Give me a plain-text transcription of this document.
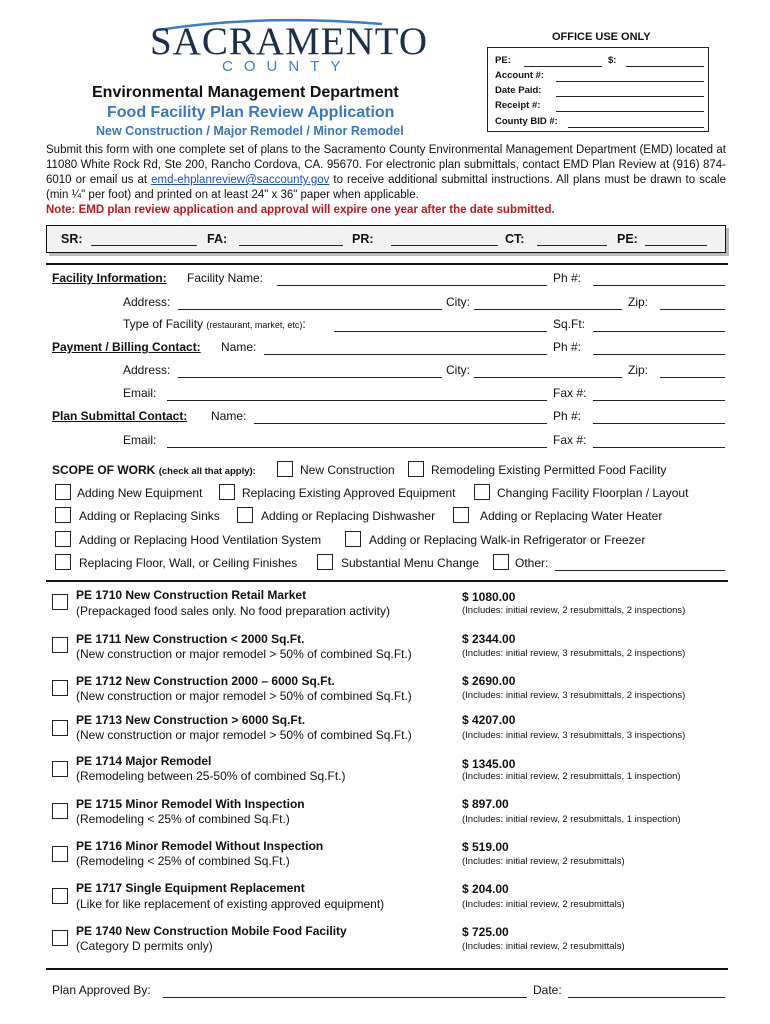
SACRAMENTO
COUNTY
Environmental Management Department
Food Facility Plan Review Application
New Construction / Major Remodel / Minor Remodel
OFFICE USE ONLY
PE:	$:
Account #:
Date Paid:
Receipt #:
County BID #:
Submit this form with one complete set of plans to the Sacramento County Environmental Management Department (EMD) located at 11080 White Rock Rd, Ste 200, Rancho Cordova, CA. 95670. For electronic plan submittals, contact EMD Plan Review at (916) 874-6010 or email us at emd-ehplanreview@saccounty.gov to receive additional submittal instructions. All plans must be drawn to scale (min ¼" per foot) and printed on at least 24" x 36" paper when applicable.
Note: EMD plan review application and approval will expire one year after the date submitted.
SR:	FA:	PR:	CT:	PE:
Facility Information: Facility Name:	Ph #:
Address:	City:	Zip:
Type of Facility (restaurant, market, etc):	Sq.Ft:
Payment / Billing Contact: Name:	Ph #:
Address:	City:	Zip:
Email:	Fax #:
Plan Submittal Contact: Name:	Ph #:
Email:	Fax #:
SCOPE OF WORK (check all that apply):	New Construction	Remodeling Existing Permitted Food Facility
Adding New Equipment	Replacing Existing Approved Equipment	Changing Facility Floorplan / Layout
Adding or Replacing Sinks	Adding or Replacing Dishwasher	Adding or Replacing Water Heater
Adding or Replacing Hood Ventilation System	Adding or Replacing Walk-in Refrigerator or Freezer
Replacing Floor, Wall, or Ceiling Finishes	Substantial Menu Change	Other:
PE 1710 New Construction Retail Market
(Prepackaged food sales only. No food preparation activity)
$ 1080.00
(Includes: initial review, 2 resubmittals, 2 inspections)
PE 1711 New Construction < 2000 Sq.Ft.
(New construction or major remodel > 50% of combined Sq.Ft.)
$ 2344.00
(Includes: initial review, 3 resubmittals, 2 inspections)
PE 1712 New Construction 2000 – 6000 Sq.Ft.
(New construction or major remodel > 50% of combined Sq.Ft.)
$ 2690.00
(Includes: initial review, 3 resubmittals, 2 inspections)
PE 1713 New Construction > 6000 Sq.Ft.
(New construction or major remodel > 50% of combined Sq.Ft.)
$ 4207.00
(Includes: initial review, 3 resubmittals, 3 inspections)
PE 1714 Major Remodel
(Remodeling between 25-50% of combined Sq.Ft.)
$ 1345.00
(Includes: initial review, 2 resubmittals, 1 inspection)
PE 1715 Minor Remodel With Inspection
(Remodeling < 25% of combined Sq.Ft.)
$ 897.00
(Includes: initial review, 2 resubmittals, 1 inspection)
PE 1716 Minor Remodel Without Inspection
(Remodeling < 25% of combined Sq.Ft.)
$ 519.00
(Includes: initial review, 2 resubmittals)
PE 1717 Single Equipment Replacement
(Like for like replacement of existing approved equipment)
$ 204.00
(Includes: initial review, 2 resubmittals)
PE 1740 New Construction Mobile Food Facility
(Category D permits only)
$ 725.00
(Includes: initial review, 2 resubmittals)
Plan Approved By:	Date:
